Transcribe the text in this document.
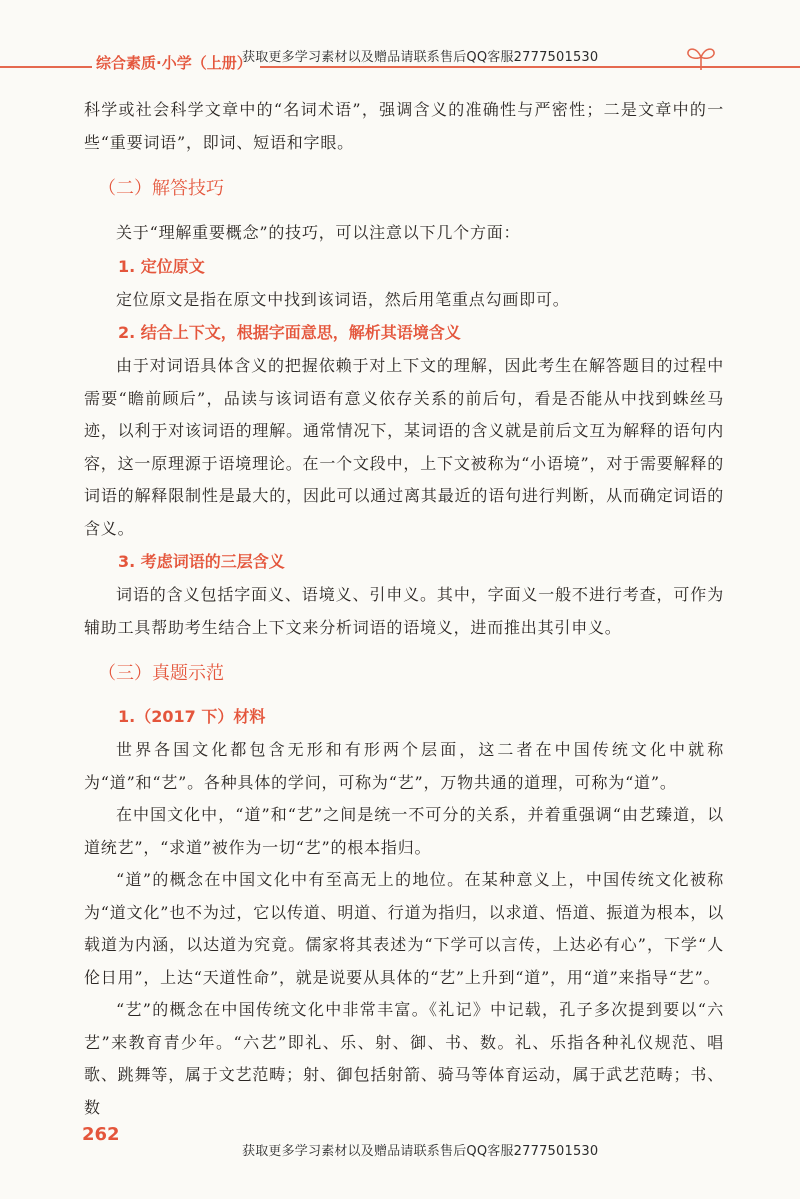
综合素质·小学（上册）
获取更多学习素材以及赠品请联系售后QQ客服2777501530

科学或社会科学文章中的“名词术语”，强调含义的准确性与严密性；二是文章中的一些“重要词语”，即词、短语和字眼。

（二）解答技巧

关于“理解重要概念”的技巧，可以注意以下几个方面：

1. 定位原文

定位原文是指在原文中找到该词语，然后用笔重点勾画即可。

2. 结合上下文，根据字面意思，解析其语境含义

由于对词语具体含义的把握依赖于对上下文的理解，因此考生在解答题目的过程中需要“瞻前顾后”，品读与该词语有意义依存关系的前后句，看是否能从中找到蛛丝马迹，以利于对该词语的理解。通常情况下，某词语的含义就是前后文互为解释的语句内容，这一原理源于语境理论。在一个文段中，上下文被称为“小语境”，对于需要解释的词语的解释限制性是最大的，因此可以通过离其最近的语句进行判断，从而确定词语的含义。

3. 考虑词语的三层含义

词语的含义包括字面义、语境义、引申义。其中，字面义一般不进行考查，可作为辅助工具帮助考生结合上下文来分析词语的语境义，进而推出其引申义。

（三）真题示范
1.（2017 下）材料

世界各国文化都包含无形和有形两个层面，这二者在中国传统文化中就称为“道”和“艺”。各种具体的学问，可称为“艺”，万物共通的道理，可称为“道”。

在中国文化中，“道”和“艺”之间是统一不可分的关系，并着重强调“由艺臻道，以道统艺”，“求道”被作为一切“艺”的根本指归。

“道”的概念在中国文化中有至高无上的地位。在某种意义上，中国传统文化被称为“道文化”也不为过，它以传道、明道、行道为指归，以求道、悟道、振道为根本，以载道为内涵，以达道为究竟。儒家将其表述为“下学可以言传，上达必有心”，下学“人伦日用”，上达“天道性命”，就是说要从具体的“艺”上升到“道”，用“道”来指导“艺”。

“艺”的概念在中国传统文化中非常丰富。《礼记》中记载，孔子多次提到要以“六艺”来教育青少年。“六艺”即礼、乐、射、御、书、数。礼、乐指各种礼仪规范、唱歌、跳舞等，属于文艺范畴；射、御包括射箭、骑马等体育运动，属于武艺范畴；书、数

262
获取更多学习素材以及赠品请联系售后QQ客服2777501530
